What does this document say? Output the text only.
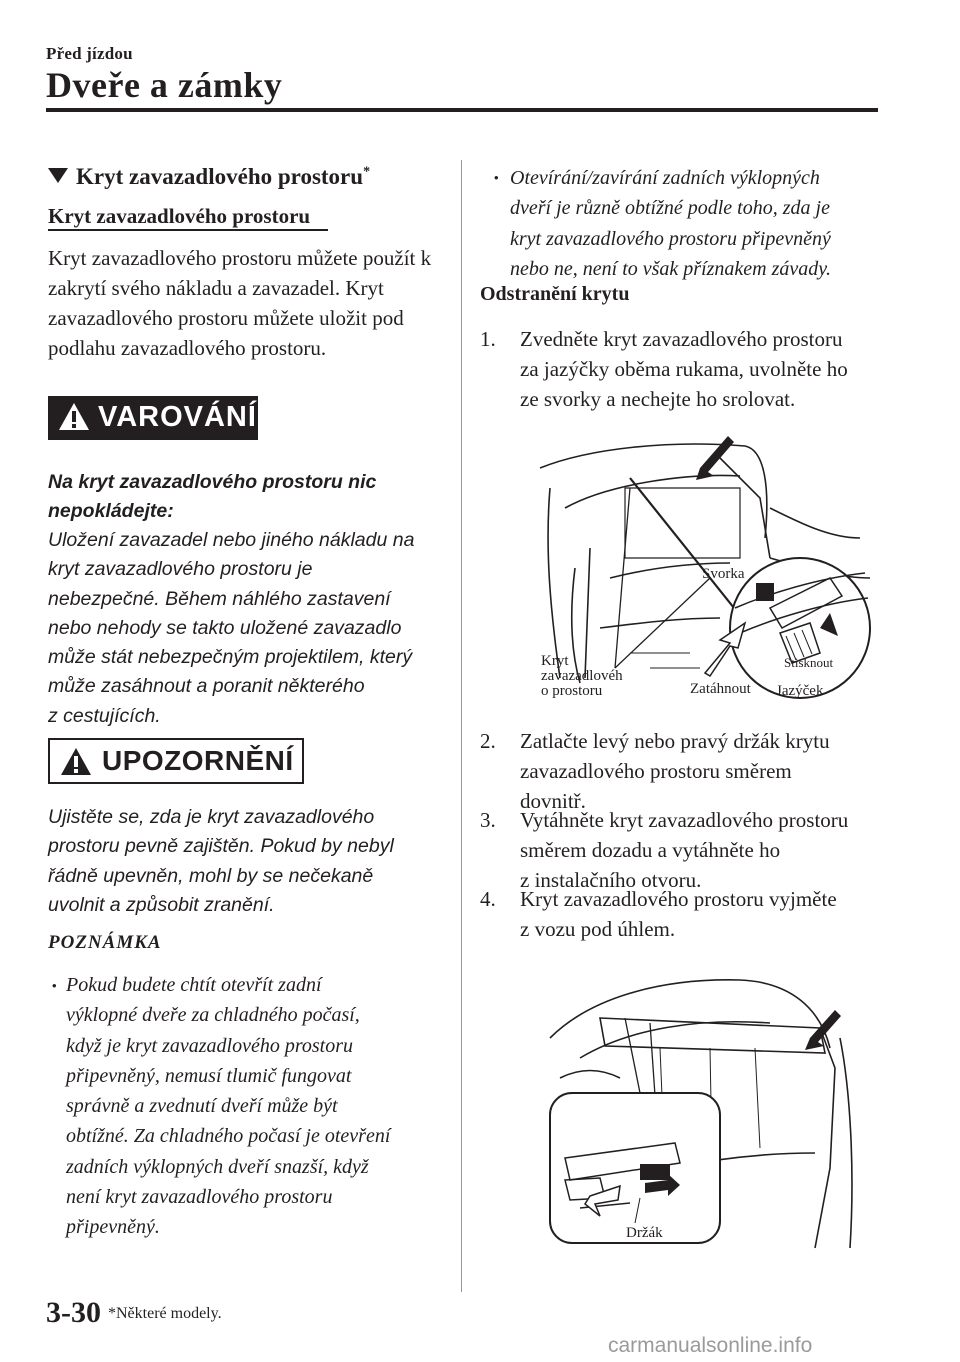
Před jízdou
Dveře a zámky
Kryt zavazadlového prostoru*
Kryt zavazadlového prostoru
Kryt zavazadlového prostoru můžete použít k zakrytí svého nákladu a zavazadel. Kryt zavazadlového prostoru můžete uložit pod podlahu zavazadlového prostoru.
VAROVÁNÍ
Na kryt zavazadlového prostoru nic
nepokládejte:
Uložení zavazadel nebo jiného nákladu na
kryt zavazadlového prostoru je
nebezpečné. Během náhlého zastavení
nebo nehody se takto uložené zavazadlo
může stát nebezpečným projektilem, který
může zasáhnout a poranit některého
z cestujících.
UPOZORNĚNÍ
Ujistěte se, zda je kryt zavazadlového
prostoru pevně zajištěn. Pokud by nebyl
řádně upevněn, mohl by se nečekaně
uvolnit a způsobit zranění.
POZNÁMKA
• Pokud budete chtít otevřít zadní
výklopné dveře za chladného počasí,
když je kryt zavazadlového prostoru
připevněný, nemusí tlumič fungovat
správně a zvednutí dveří může být
obtížné. Za chladného počasí je otevření
zadních výklopných dveří snazší, když
není kryt zavazadlového prostoru
připevněný.
• Otevírání/zavírání zadních výklopných
dveří je různě obtížné podle toho, zda je
kryt zavazadlového prostoru připevněný
nebo ne, není to však příznakem závady.
Odstranění krytu
1. Zvedněte kryt zavazadlového prostoru
za jazýčky oběma rukama, uvolněte ho
ze svorky a nechejte ho srolovat.
Svorka
Stisknout
Kryt
zavazadlovéh
o prostoru	Zatáhnout Jazýček
2. Zatlačte levý nebo pravý držák krytu
zavazadlového prostoru směrem
dovnitř.
3. Vytáhněte kryt zavazadlového prostoru
směrem dozadu a vytáhněte ho
z instalačního otvoru.
4. Kryt zavazadlového prostoru vyjměte
z vozu pod úhlem.
Držák
3-30 *Některé modely.
carmanualsonline.info
